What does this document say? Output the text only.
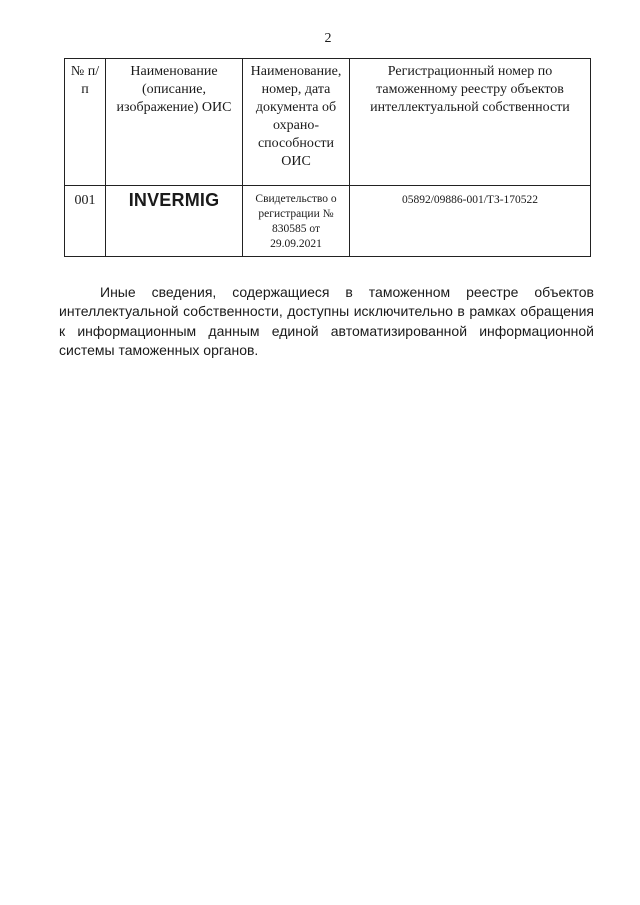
2
№ п/п	Наименование (описание, изображение) ОИС	Наименование, номер, дата документа об охрано-способности ОИС	Регистрационный номер по таможенному реестру объектов интеллектуальной собственности
001	INVERMIG	Свидетельство о регистрации № 830585 от 29.09.2021	05892/09886-001/ТЗ-170522

Иные сведения, содержащиеся в таможенном реестре объектов интеллектуальной собственности, доступны исключительно в рамках обращения к информационным данным единой автоматизированной информационной системы таможенных органов.
